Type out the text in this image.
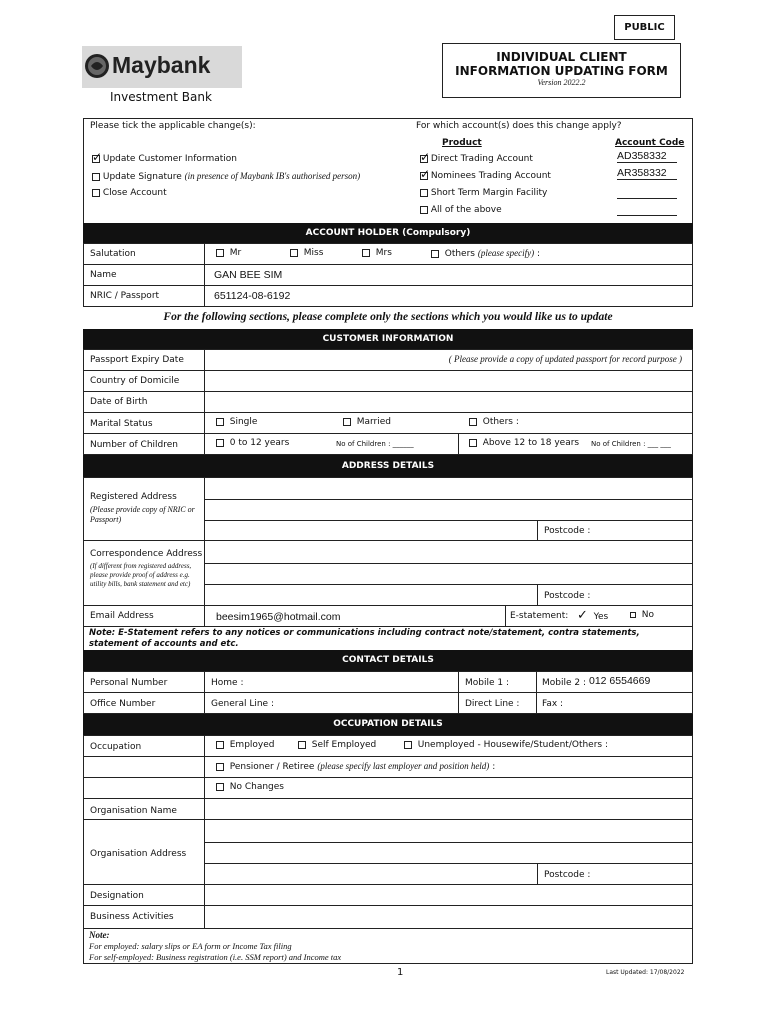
PUBLIC
Maybank
Investment Bank
INDIVIDUAL CLIENT
INFORMATION UPDATING FORM
Version 2022.2
Please tick the applicable change(s):
✓ Update Customer Information
Update Signature (in presence of Maybank IB's authorised person)
Close Account
For which account(s) does this change apply?
Product	Account Code
✓ Direct Trading Account	AD358332
✓ Nominees Trading Account	AR358332
Short Term Margin Facility
All of the above
ACCOUNT HOLDER (Compulsory)
Salutation	Mr	Miss	Mrs	Others (please specify) :
Name	GAN BEE SIM
NRIC / Passport	651124-08-6192
For the following sections, please complete only the sections which you would like us to update
CUSTOMER INFORMATION
Passport Expiry Date	( Please provide a copy of updated passport for record purpose )
Country of Domicile
Date of Birth
Marital Status	Single	Married	Others :
Number of Children	0 to 12 years	No of Children : ______	Above 12 to 18 years No of Children : ___ ___
ADDRESS DETAILS
Registered Address
(Please provide copy of NRIC or Passport)
Postcode :
Correspondence Address
(If different from registered address, please provide proof of address e.g. utility bills, bank statement and etc)
Postcode :
Email Address	beesim1965@hotmail.com	E-statement: ✓ Yes	No
Note: E-Statement refers to any notices or communications including contract note/statement, contra statements, statement of accounts and etc.
CONTACT DETAILS
Personal Number	Home :	Mobile 1 :	Mobile 2 : 012 6554669
Office Number	General Line :	Direct Line :	Fax :
OCCUPATION DETAILS
Occupation	Employed	Self Employed	Unemployed - Housewife/Student/Others :
Pensioner / Retiree (please specify last employer and position held) :
No Changes
Organisation Name
Organisation Address
Postcode :
Designation
Business Activities
Note:
For employed: salary slips or EA form or Income Tax filing
For self-employed: Business registration (i.e. SSM report) and Income tax
1	Last Updated: 17/08/2022
